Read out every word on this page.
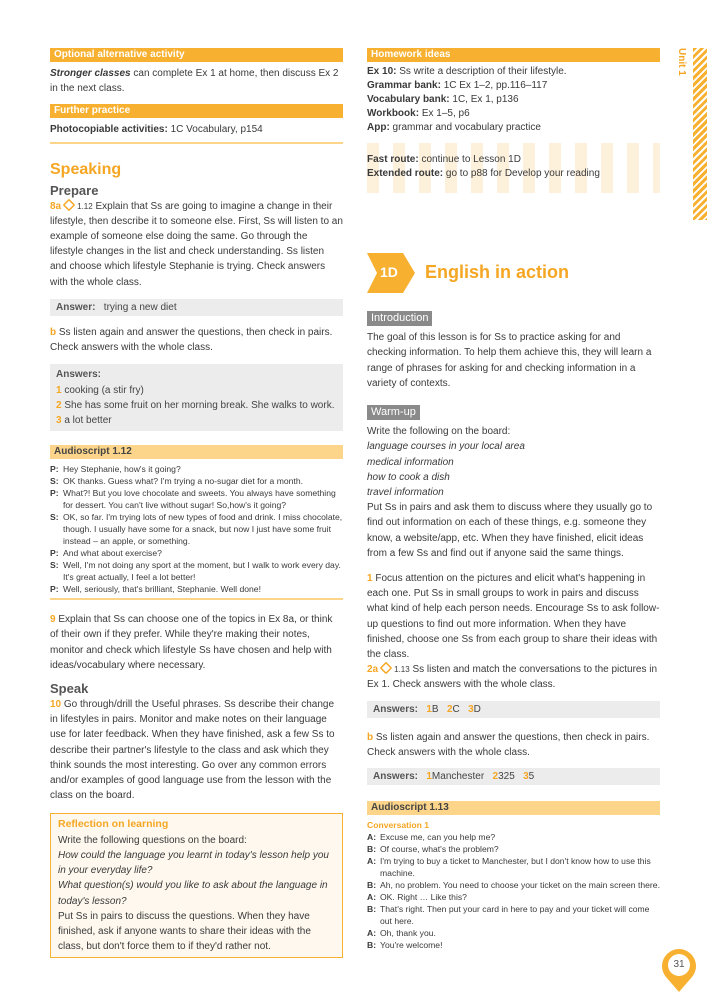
Optional alternative activity

Stronger classes can complete Ex 1 at home, then discuss Ex 2 in the next class.

Further practice

Photocopiable activities: 1C Vocabulary, p154

Speaking
Prepare

8a 1.12 Explain that Ss are going to imagine a change in their lifestyle, then describe it to someone else. First, Ss will listen to an example of someone else doing the same. Go through the lifestyle changes in the list and check understanding. Ss listen and choose which lifestyle Stephanie is trying. Check answers with the whole class.

Answer: trying a new diet

b Ss listen again and answer the questions, then check in pairs. Check answers with the whole class.

Answers:
1 cooking (a stir fry)
2 She has some fruit on her morning break. She walks to work.
3 a lot better
Audioscript 1.12
P: Hey Stephanie, how's it going?
S: OK thanks. Guess what? I'm trying a no-sugar diet for a month.
P: What?! But you love chocolate and sweets. You always have something for dessert. You can't live without sugar! So,how's it going?
S: OK, so far. I'm trying lots of new types of food and drink. I miss chocolate, though. I usually have some for a snack, but now I just have some fruit instead – an apple, or something.
P: And what about exercise?
S: Well, I'm not doing any sport at the moment, but I walk to work every day. It's great actually, I feel a lot better!
P: Well, seriously, that's brilliant, Stephanie. Well done!

9 Explain that Ss can choose one of the topics in Ex 8a, or think of their own if they prefer. While they're making their notes, monitor and check which lifestyle Ss have chosen and help with ideas/vocabulary where necessary.

Speak

10 Go through/drill the Useful phrases. Ss describe their change in lifestyles in pairs. Monitor and make notes on their language use for later feedback. When they have finished, ask a few Ss to describe their partner's lifestyle to the class and ask which they think sounds the most interesting. Go over any common errors and/or examples of good language use from the lesson with the class on the board.

Reflection on learning
Write the following questions on the board:
How could the language you learnt in today's lesson help you in your everyday life?
What question(s) would you like to ask about the language in today's lesson?
Put Ss in pairs to discuss the questions. When they have finished, ask if anyone wants to share their ideas with the class, but don't force them to if they'd rather not.
Homework ideas
Ex 10: Ss write a description of their lifestyle.
Grammar bank: 1C Ex 1–2, pp.116–117
Vocabulary bank: 1C, Ex 1, p136
Workbook: Ex 1–5, p6
App: grammar and vocabulary practice
Fast route: continue to Lesson 1D
Extended route: go to p88 for Develop your reading
1D English in action
Introduction

The goal of this lesson is for Ss to practice asking for and checking information. To help them achieve this, they will learn a range of phrases for asking for and checking information in a variety of contexts.

Warm-up

Write the following on the board:

language courses in your local area

medical information

how to cook a dish

travel information

Put Ss in pairs and ask them to discuss where they usually go to find out information on each of these things, e.g. someone they know, a website/app, etc. When they have finished, elicit ideas from a few Ss and find out if anyone said the same things.

1 Focus attention on the pictures and elicit what's happening in each one. Put Ss in small groups to work in pairs and discuss what kind of help each person needs. Encourage Ss to ask follow-up questions to find out more information. When they have finished, choose one Ss from each group to share their ideas with the class.

2a 1.13 Ss listen and match the conversations to the pictures in Ex 1. Check answers with the whole class.

Answers: 1B 2C 3D

b Ss listen again and answer the questions, then check in pairs. Check answers with the whole class.

Answers: 1Manchester 2325 35
Audioscript 1.13
Conversation 1
A: Excuse me, can you help me?
B: Of course, what's the problem?
A: I'm trying to buy a ticket to Manchester, but I don't know how to use this machine.
B: Ah, no problem. You need to choose your ticket on the main screen there.
A: OK. Right … Like this?
B: That's right. Then put your card in here to pay and your ticket will come out here.
A: Oh, thank you.
B: You're welcome!
Unit 1
31
